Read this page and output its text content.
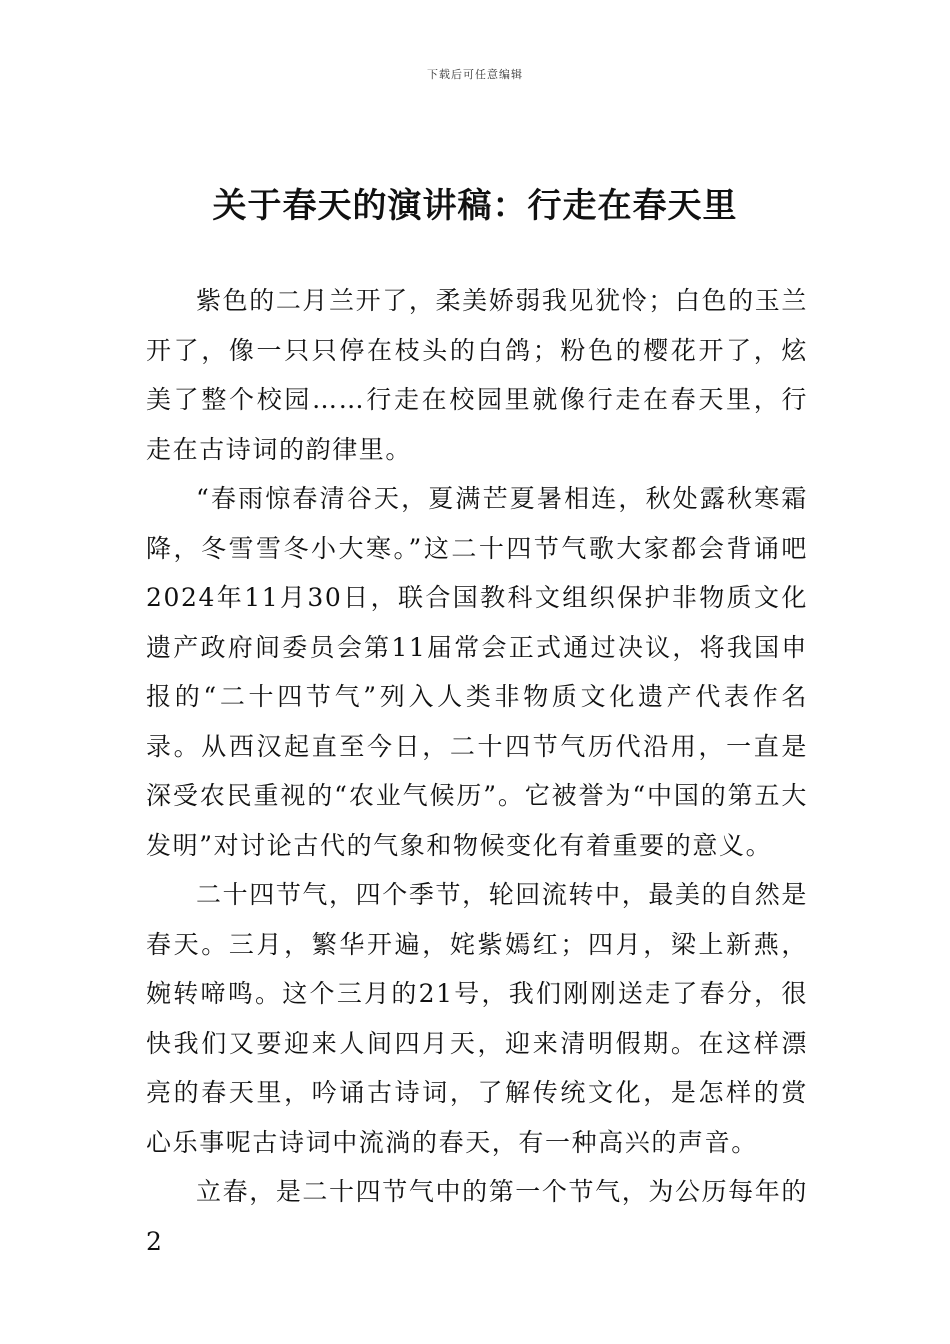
下载后可任意编辑
关于春天的演讲稿：行走在春天里

紫色的二月兰开了，柔美娇弱我见犹怜；白色的玉兰开了，像一只只停在枝头的白鸽；粉色的樱花开了，炫美了整个校园……行走在校园里就像行走在春天里，行走在古诗词的韵律里。

“春雨惊春清谷天，夏满芒夏暑相连，秋处露秋寒霜降，冬雪雪冬小大寒。”这二十四节气歌大家都会背诵吧 2024年11月30日，联合国教科文组织保护非物质文化遗产政府间委员会第11届常会正式通过决议，将我国申报的“二十四节气”列入人类非物质文化遗产代表作名录。从西汉起直至今日，二十四节气历代沿用，一直是深受农民重视的“农业气候历”。它被誉为“中国的第五大发明”对讨论古代的气象和物候变化有着重要的意义。

二十四节气，四个季节，轮回流转中，最美的自然是春天。三月，繁华开遍，姹紫嫣红；四月，梁上新燕，婉转啼鸣。这个三月的21号，我们刚刚送走了春分，很快我们又要迎来人间四月天，迎来清明假期。在这样漂亮的春天里，吟诵古诗词，了解传统文化，是怎样的赏心乐事呢古诗词中流淌的春天，有一种高兴的声音。

立春，是二十四节气中的第一个节气，为公历每年的2
